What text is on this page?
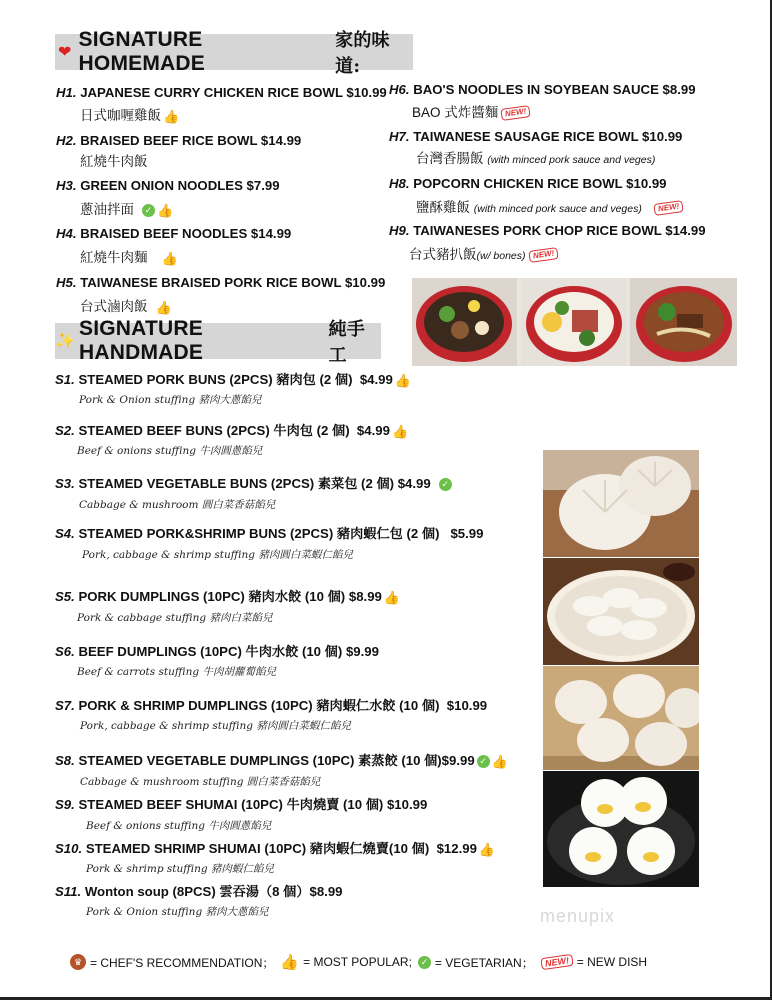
❤
SIGNATURE HOMEMADE
家的味道:
H1. JAPANESE CURRY CHICKEN RICE BOWL $10.99
日式咖喱雞飯 👍
H2. BRAISED BEEF RICE BOWL $14.99
紅燒牛肉飯
H3. GREEN ONION NOODLES $7.99
蔥油拌面 ✓ 👍
H4. BRAISED BEEF NOODLES $14.99
紅燒牛肉麵 👍
H5. TAIWANESE BRAISED PORK RICE BOWL $10.99
台式滷肉飯 👍
H6. BAO'S NOODLES IN SOYBEAN SAUCE $8.99
BAO 式炸醬麵 NEW!
H7. TAIWANESE SAUSAGE RICE BOWL $10.99
台灣香腸飯 (with minced pork sauce and veges)
H8. POPCORN CHICKEN RICE BOWL $10.99
鹽酥雞飯 (with minced pork sauce and veges) NEW!
H9. TAIWANESES PORK CHOP RICE BOWL $14.99
台式豬扒飯(w/ bones) NEW!
✨
SIGNATURE HANDMADE
純手工
S1. STEAMED PORK BUNS (2PCS) 豬肉包 (2 個) $4.99 👍
Pork & Onion stuffing 豬肉大蔥餡兒
S2. STEAMED BEEF BUNS (2PCS) 牛肉包 (2 個) $4.99 👍
Beef & onions stuffing 牛肉圓蔥餡兒
S3. STEAMED VEGETABLE BUNS (2PCS) 素菜包 (2 個) $4.99 ✓
Cabbage & mushroom 圓白菜香菇餡兒
S4. STEAMED PORK&SHRIMP BUNS (2PCS) 豬肉蝦仁包 (2 個) $5.99
Pork, cabbage & shrimp stuffing 豬肉圓白菜蝦仁餡兒
S5. PORK DUMPLINGS (10PC) 豬肉水餃 (10 個) $8.99 👍
Pork & cabbage stuffing 豬肉白菜餡兒
S6. BEEF DUMPLINGS (10PC) 牛肉水餃 (10 個) $9.99
Beef & carrots stuffing 牛肉胡蘿蔔餡兒
S7. PORK & SHRIMP DUMPLINGS (10PC) 豬肉蝦仁水餃 (10 個) $10.99
Pork, cabbage & shrimp stuffing 豬肉圓白菜蝦仁餡兒
S8. STEAMED VEGETABLE DUMPLINGS (10PC) 素蒸餃 (10 個)$9.99 ✓ 👍
Cabbage & mushroom stuffing 圓白菜香菇餡兒
S9. STEAMED BEEF SHUMAI (10PC) 牛肉燒賣 (10 個) $10.99
Beef & onions stuffing 牛肉圓蔥餡兒
S10. STEAMED SHRIMP SHUMAI (10PC) 豬肉蝦仁燒賣(10 個) $12.99 👍
Pork & shrimp stuffing 豬肉蝦仁餡兒
S11. Wonton soup (8PCS) 雲吞湯（8 個）$8.99
Pork & Onion stuffing 豬肉大蔥餡兒	menupix
♛ = CHEF'S RECOMMENDATION； 👍 = MOST POPULAR; ✓ = VEGETARIAN；	NEW! = NEW DISH
